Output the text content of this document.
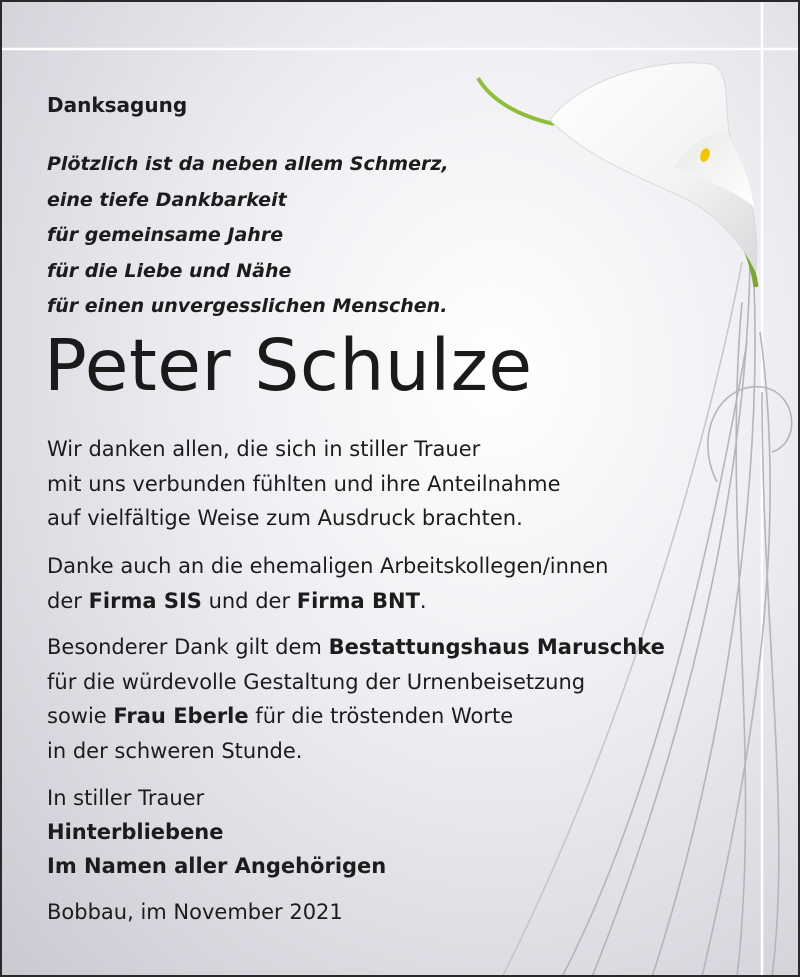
Danksagung
Plötzlich ist da neben allem Schmerz,
eine tiefe Dankbarkeit
für gemeinsame Jahre
für die Liebe und Nähe
für einen unvergesslichen Menschen.
Peter Schulze
Wir danken allen, die sich in stiller Trauer
mit uns verbunden fühlten und ihre Anteilnahme
auf vielfältige Weise zum Ausdruck brachten.
Danke auch an die ehemaligen Arbeitskollegen/innen
der Firma SIS und der Firma BNT.
Besonderer Dank gilt dem Bestattungshaus Maruschke
für die würdevolle Gestaltung der Urnenbeisetzung
sowie Frau Eberle für die tröstenden Worte
in der schweren Stunde.
In stiller Trauer
Hinterbliebene
Im Namen aller Angehörigen
Bobbau, im November 2021
